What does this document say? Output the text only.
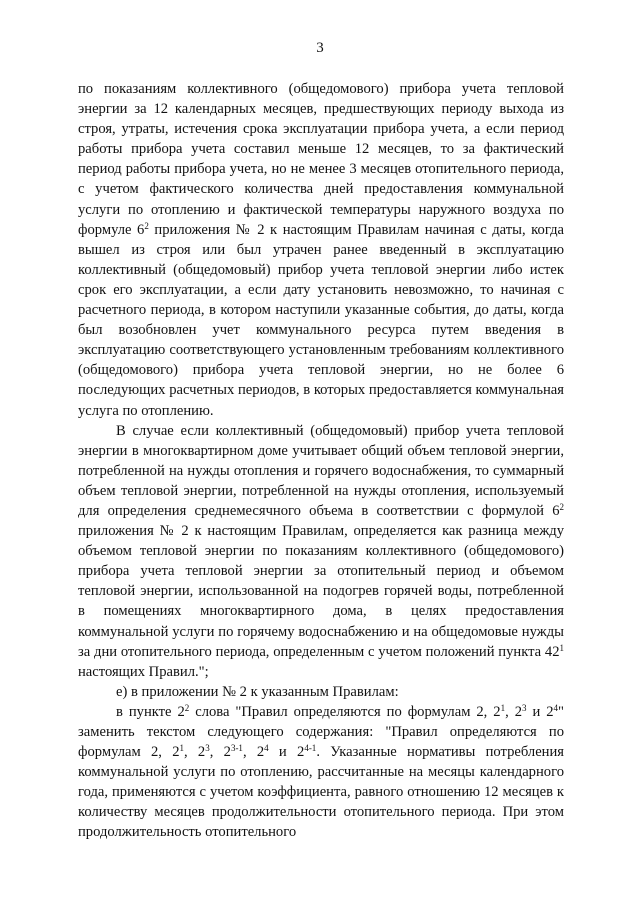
3

по показаниям коллективного (общедомового) прибора учета тепловой энергии за 12 календарных месяцев, предшествующих периоду выхода из строя, утраты, истечения срока эксплуатации прибора учета, а если период работы прибора учета составил меньше 12 месяцев, то за фактический период работы прибора учета, но не менее 3 месяцев отопительного периода, с учетом фактического количества дней предоставления коммунальной услуги по отоплению и фактической температуры наружного воздуха по формуле $6^2$ приложения № 2 к настоящим Правилам начиная с даты, когда вышел из строя или был утрачен ранее введенный в эксплуатацию коллективный (общедомовый) прибор учета тепловой энергии либо истек срок его эксплуатации, а если дату установить невозможно, то начиная с расчетного периода, в котором наступили указанные события, до даты, когда был возобновлен учет коммунального ресурса путем введения в эксплуатацию соответствующего установленным требованиям коллективного (общедомового) прибора учета тепловой энергии, но не более 6 последующих расчетных периодов, в которых предоставляется коммунальная услуга по отоплению.

В случае если коллективный (общедомовый) прибор учета тепловой энергии в многоквартирном доме учитывает общий объем тепловой энергии, потребленной на нужды отопления и горячего водоснабжения, то суммарный объем тепловой энергии, потребленной на нужды отопления, используемый для определения среднемесячного объема в соответствии с формулой $6^2$ приложения № 2 к настоящим Правилам, определяется как разница между объемом тепловой энергии по показаниям коллективного (общедомового) прибора учета тепловой энергии за отопительный период и объемом тепловой энергии, использованной на подогрев горячей воды, потребленной в помещениях многоквартирного дома, в целях предоставления коммунальной услуги по горячему водоснабжению и на общедомовые нужды за дни отопительного периода, определенным с учетом положений пункта $42^1$ настоящих Правил.";

е) в приложении № 2 к указанным Правилам:

в пункте $2^2$ слова "Правил определяются по формулам 2, $2^1$, $2^3$ и $2^4$" заменить текстом следующего содержания: "Правил определяются по формулам 2, $2^1$, $2^3$, 2$^{3-1}$, $2^4$ и 2$^{4-1}$. Указанные нормативы потребления коммунальной услуги по отоплению, рассчитанные на месяцы календарного года, применяются с учетом коэффициента, равного отношению 12 месяцев к количеству месяцев продолжительности отопительного периода. При этом продолжительность отопительного
